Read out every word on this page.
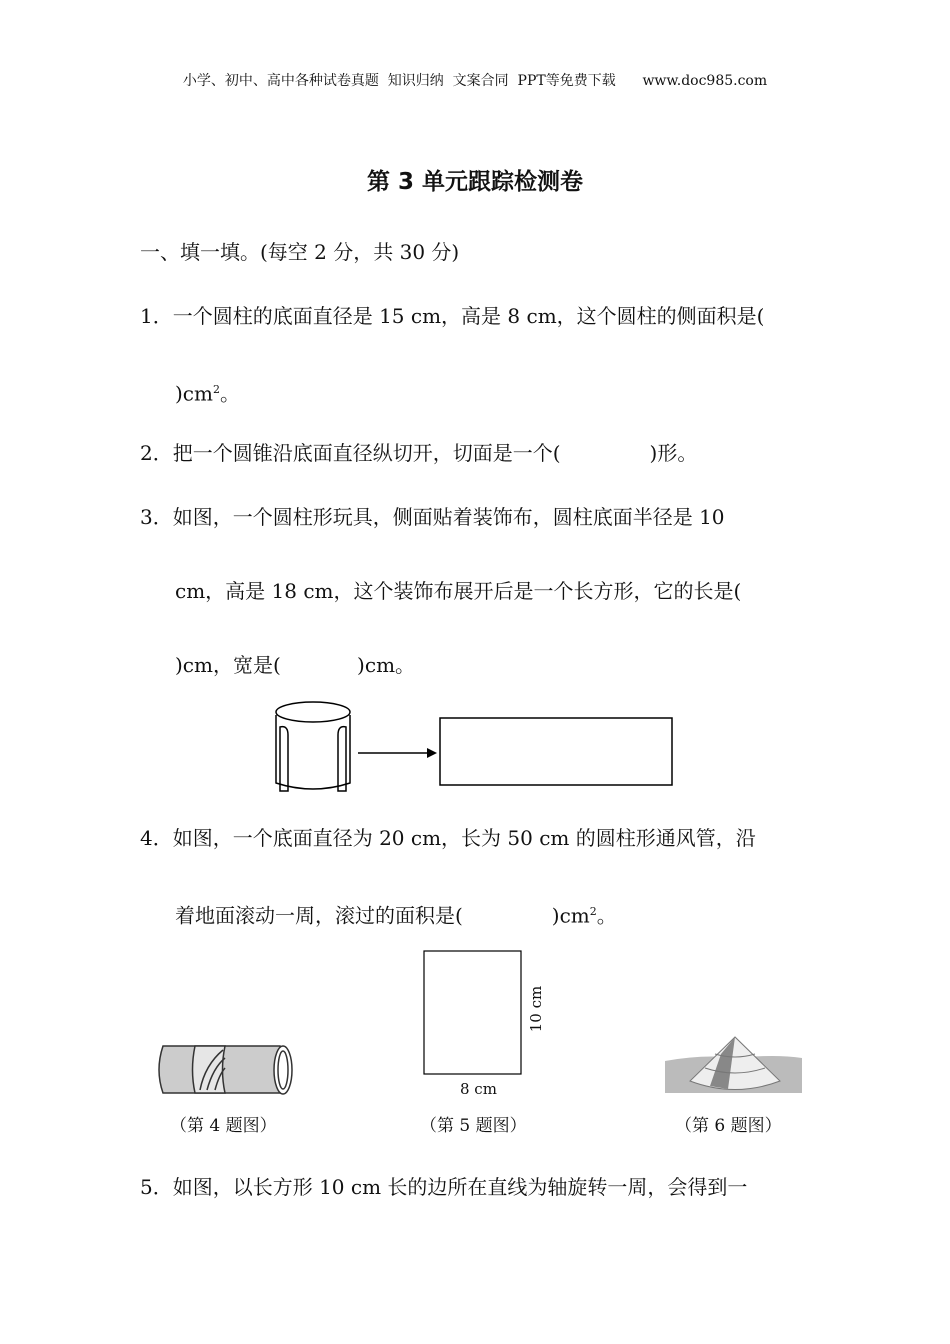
小学、初中、高中各种试卷真题  知识归纳  文案合同  PPT等免费下载 www.doc985.com
第 3 单元跟踪检测卷
一、填一填。(每空 2 分，共 30 分)
1．一个圆柱的底面直径是 15 cm，高是 8 cm，这个圆柱的侧面积是(
)$cm^2$。
2．把一个圆锥沿底面直径纵切开，切面是一个(              )形。
3．如图，一个圆柱形玩具，侧面贴着装饰布，圆柱底面半径是 10
cm，高是 18 cm，这个装饰布展开后是一个长方形，它的长是(
)cm，宽是(            )cm。
4．如图，一个底面直径为 20 cm，长为 50 cm 的圆柱形通风管，沿
着地面滚动一周，滚过的面积是(              )$cm^2$。
10 cm
8 cm
（第 4 题图）	（第 5 题图）	（第 6 题图）
5．如图，以长方形 10 cm 长的边所在直线为轴旋转一周，会得到一
